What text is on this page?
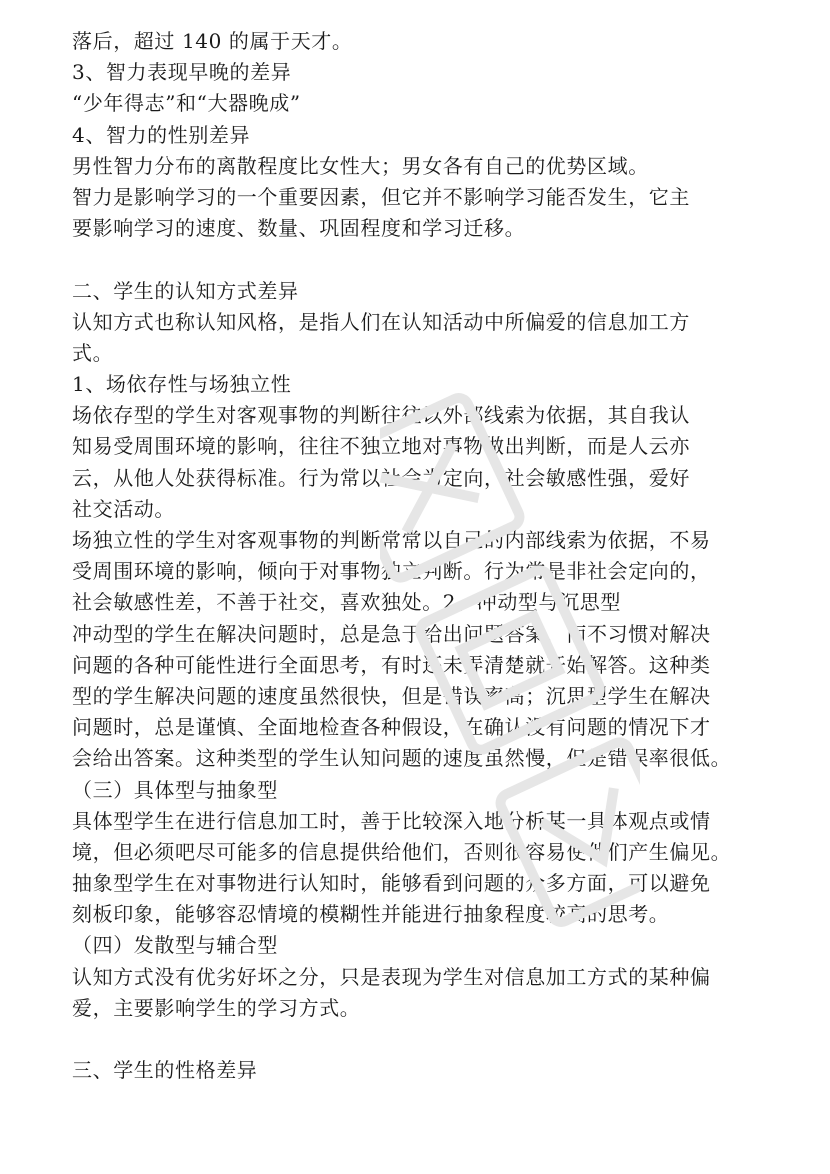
落后，超过 140 的属于天才。
3、智力表现早晚的差异
“少年得志”和“大器晚成”
4、智力的性别差异
男性智力分布的离散程度比女性大；男女各有自己的优势区域。
智力是影响学习的一个重要因素，但它并不影响学习能否发生，它主
要影响学习的速度、数量、巩固程度和学习迁移。
二、学生的认知方式差异
认知方式也称认知风格，是指人们在认知活动中所偏爱的信息加工方
式。
1、场依存性与场独立性
场依存型的学生对客观事物的判断往往以外部线索为依据，其自我认
知易受周围环境的影响，往往不独立地对事物做出判断，而是人云亦
云，从他人处获得标准。行为常以社会为定向，社会敏感性强，爱好
社交活动。
场独立性的学生对客观事物的判断常常以自己的内部线索为依据，不易
受周围环境的影响，倾向于对事物独立判断。行为常是非社会定向的，
社会敏感性差，不善于社交，喜欢独处。2、冲动型与沉思型
冲动型的学生在解决问题时，总是急于给出问题答案，而不习惯对解决
问题的各种可能性进行全面思考，有时还未弄清楚就开始解答。这种类
型的学生解决问题的速度虽然很快，但是错误率高；沉思型学生在解决
问题时，总是谨慎、全面地检查各种假设，在确认没有问题的情况下才
会给出答案。这种类型的学生认知问题的速度虽然慢，但是错误率很低。
（三）具体型与抽象型
具体型学生在进行信息加工时，善于比较深入地分析某一具体观点或情
境，但必须吧尽可能多的信息提供给他们，否则很容易使他们产生偏见。
抽象型学生在对事物进行认知时，能够看到问题的众多方面，可以避免
刻板印象，能够容忍情境的模糊性并能进行抽象程度较高的思考。
（四）发散型与辅合型
认知方式没有优劣好坏之分，只是表现为学生对信息加工方式的某种偏
爱，主要影响学生的学习方式。
三、学生的性格差异
